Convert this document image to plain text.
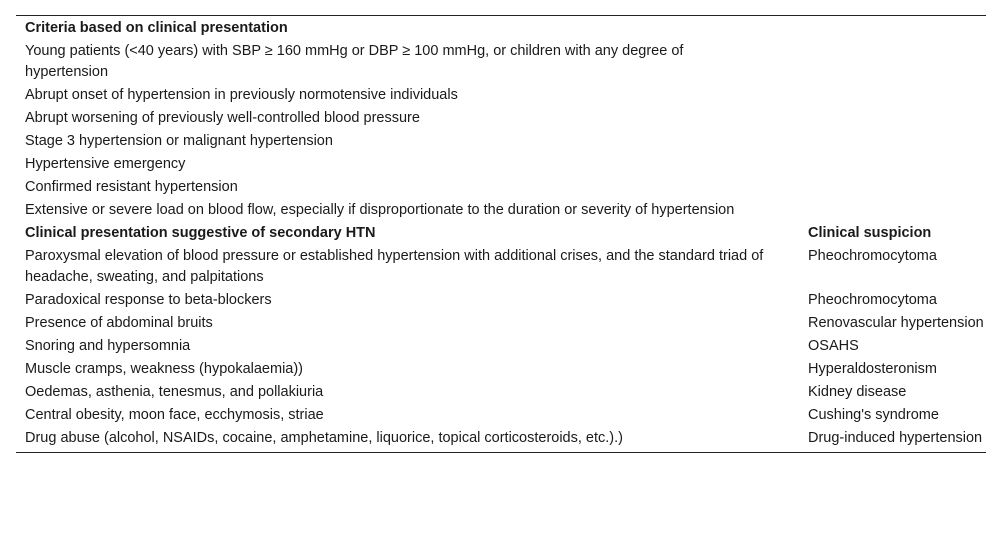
Criteria based on clinical presentation	
Young patients (<40 years) with SBP ≥ 160 mmHg or DBP ≥ 100 mmHg, or children with any degree of hypertension	
Abrupt onset of hypertension in previously normotensive individuals	
Abrupt worsening of previously well-controlled blood pressure	
Stage 3 hypertension or malignant hypertension	
Hypertensive emergency	
Confirmed resistant hypertension	
Extensive or severe load on blood flow, especially if disproportionate to the duration or severity of hypertension	
Clinical presentation suggestive of secondary HTN	Clinical suspicion
Paroxysmal elevation of blood pressure or established hypertension with additional crises, and the standard triad of headache, sweating, and palpitations	Pheochromocytoma
Paradoxical response to beta-blockers	Pheochromocytoma
Presence of abdominal bruits	Renovascular hypertension
Snoring and hypersomnia	OSAHS
Muscle cramps, weakness (hypokalaemia))	Hyperaldosteronism
Oedemas, asthenia, tenesmus, and pollakiuria	Kidney disease
Central obesity, moon face, ecchymosis, striae	Cushing's syndrome
Drug abuse (alcohol, NSAIDs, cocaine, amphetamine, liquorice, topical corticosteroids, etc.).)	Drug-induced hypertension
